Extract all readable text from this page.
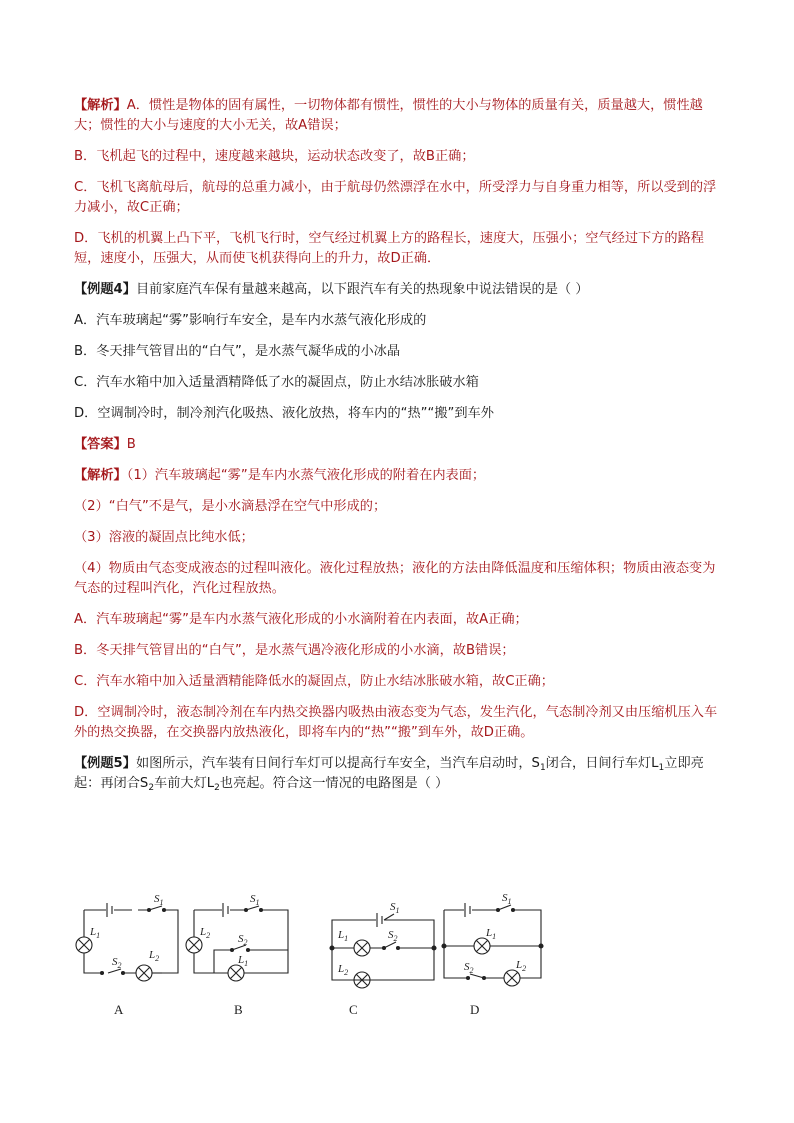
【解析】A．惯性是物体的固有属性，一切物体都有惯性，惯性的大小与物体的质量有关，质量越大，惯性越大；惯性的大小与速度的大小无关，故A错误；

B．飞机起飞的过程中，速度越来越块，运动状态改变了，故B正确；

C．飞机飞离航母后，航母的总重力减小，由于航母仍然漂浮在水中，所受浮力与自身重力相等，所以受到的浮力减小，故C正确；

D．飞机的机翼上凸下平，飞机飞行时，空气经过机翼上方的路程长，速度大，压强小；空气经过下方的路程短，速度小，压强大，从而使飞机获得向上的升力，故D正确．

【例题4】目前家庭汽车保有量越来越高，以下跟汽车有关的热现象中说法错误的是（ ）

A．汽车玻璃起“雾”影响行车安全，是车内水蒸气液化形成的

B．冬天排气管冒出的“白气”，是水蒸气凝华成的小冰晶

C．汽车水箱中加入适量酒精降低了水的凝固点，防止水结冰胀破水箱

D．空调制冷时，制冷剂汽化吸热、液化放热，将车内的“热”“搬”到车外

【答案】B

【解析】（1）汽车玻璃起“雾”是车内水蒸气液化形成的附着在内表面；

（2）“白气”不是气，是小水滴悬浮在空气中形成的；

（3）溶液的凝固点比纯水低；

（4）物质由气态变成液态的过程叫液化。液化过程放热；液化的方法由降低温度和压缩体积；物质由液态变为气态的过程叫汽化，汽化过程放热。

A．汽车玻璃起“雾”是车内水蒸气液化形成的小水滴附着在内表面，故A正确；

B．冬天排气管冒出的“白气”，是水蒸气遇冷液化形成的小水滴，故B错误；

C．汽车水箱中加入适量酒精能降低水的凝固点，防止水结冰胀破水箱，故C正确；

D．空调制冷时，液态制冷剂在车内热交换器内吸热由液态变为气态，发生汽化，气态制冷剂又由压缩机压入车外的热交换器，在交换器内放热液化，即将车内的“热”“搬”到车外，故D正确。

【例题5】如图所示，汽车装有日间行车灯可以提高行车安全，当汽车启动时，$S_1$闭合，日间行车灯$L_1$立即亮起：再闭合$S_2$车前大灯$L_2$也亮起。符合这一情况的电路图是（ ）

$S_1$
$L_1$
$S_2$
$L_2$
$S_1$
$L_2$	$S_2$
$L_1$
$S_1$
$L_1$	$S_2$
$L_2$
$S_1$
$L_1$
$S_2$	$L_2$
A	B	C	D
